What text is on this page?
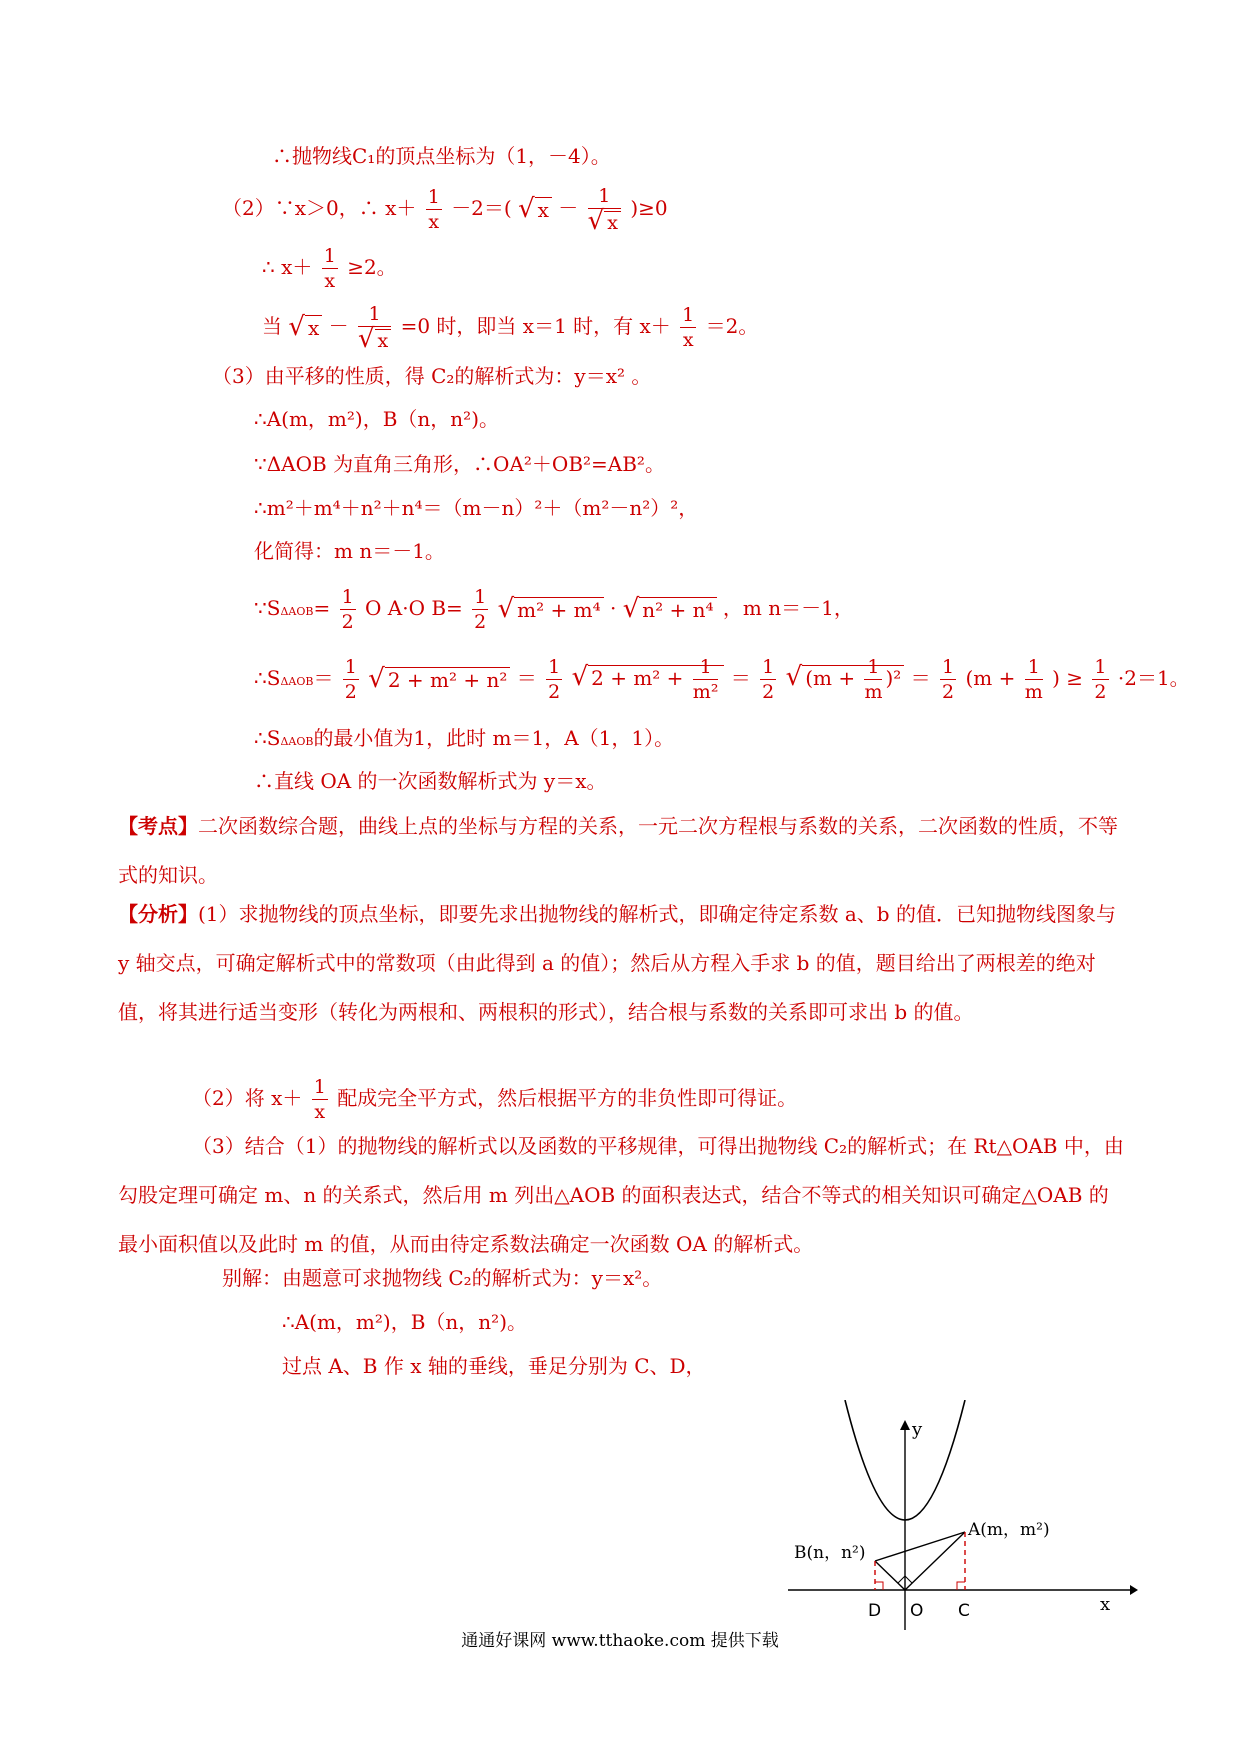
∴抛物线C₁的顶点坐标为（1，－4）。
（2）∵x＞0，∴ $x+ \frac{1}{x} -2=$( √ $x - \frac{1}{√ x} )\ge 0$
∴ $x+ \frac{1}{x} \ge 2$。
当 √ $x - \frac{1}{√ x} =0$ 时，即当 x＝1 时，有 $x+ \frac{1}{x} =2$。
（3）由平移的性质，得 C₂的解析式为：y＝x² 。
∴A(m，m²)，B（n，n²)。
∵ΔAOB 为直角三角形，∴OA²＋OB²=AB²。
∴m²＋m⁴＋n²＋n⁴＝（m－n）²＋（m²－n²）²，
化简得：m n＝－1。
∵SΔAOB= $\frac{1}{2}$ O A·O $B= \frac{1}{2}$ √ m² + m⁴ · √ n² + n⁴ ，m n＝－1，
∴SΔAOB＝ $\frac{1}{2}$ √ $2 + m^2 + n^2 = \frac{1}{2}$ √ $2 + m^2 + \frac{1}{\text{m²}} = \frac{1}{2}$ √ $(m + \frac{1}{m} )^2 = \frac{1}{2} (m + \frac{1}{m}$ ) ≥ $\frac{1}{2} \cdot 2=1$。
∴SΔAOB的最小值为1，此时 m＝1，A（1，1）。
∴直线 OA 的一次函数解析式为 y＝x。
【考点】二次函数综合题，曲线上点的坐标与方程的关系，一元二次方程根与系数的关系，二次函数的性质，不等式的知识。
【分析】(1）求抛物线的顶点坐标，即要先求出抛物线的解析式，即确定待定系数 a、b 的值．已知抛物线图象与 y 轴交点，可确定解析式中的常数项（由此得到 a 的值）；然后从方程入手求 b 的值，题目给出了两根差的绝对值，将其进行适当变形（转化为两根和、两根积的形式），结合根与系数的关系即可求出 b 的值。
（2）将 $x+ \frac{1}{x}$ 配成完全平方式，然后根据平方的非负性即可得证。
（3）结合（1）的抛物线的解析式以及函数的平移规律，可得出抛物线 C₂的解析式；在 Rt△OAB 中，由勾股定理可确定 m、n 的关系式，然后用 m 列出△AOB 的面积表达式，结合不等式的相关知识可确定△OAB 的最小面积值以及此时 m 的值，从而由待定系数法确定一次函数 OA 的解析式。
别解：由题意可求抛物线 C₂的解析式为：y＝x²。
∴A(m，m²)，B（n，n²)。
过点 A、B 作 x 轴的垂线，垂足分别为 C、D，
y
x
A(m，m²)
B(n，n²)
D O C
通通好课网 www.tthaoke.com 提供下载
